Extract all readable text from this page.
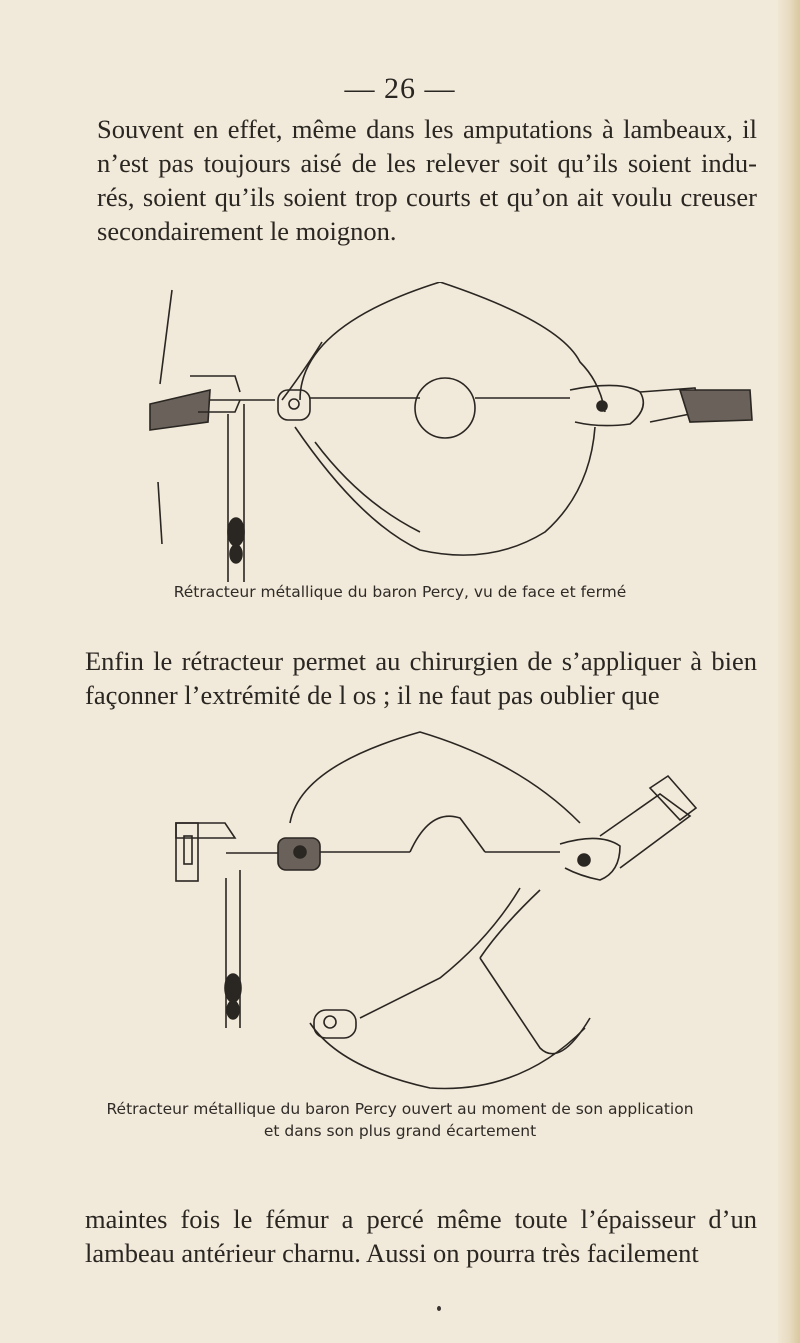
— 26 —

Souvent en effet, même dans les amputations à lambeaux, il n’est pas toujours aisé de les relever soit qu’ils soient indu- rés, soient qu’ils soient trop courts et qu’on ait voulu creuser secondairement le moignon.

Rétracteur métallique du baron Percy, vu de face et fermé

Enfin le rétracteur permet au chirurgien de s’appliquer à bien façonner l’extrémité de l os ; il ne faut pas oublier que

Rétracteur métallique du baron Percy ouvert au moment de son application
et dans son plus grand écartement

maintes fois le fémur a percé même toute l’épaisseur d’un lambeau antérieur charnu. Aussi on pourra très facilement
